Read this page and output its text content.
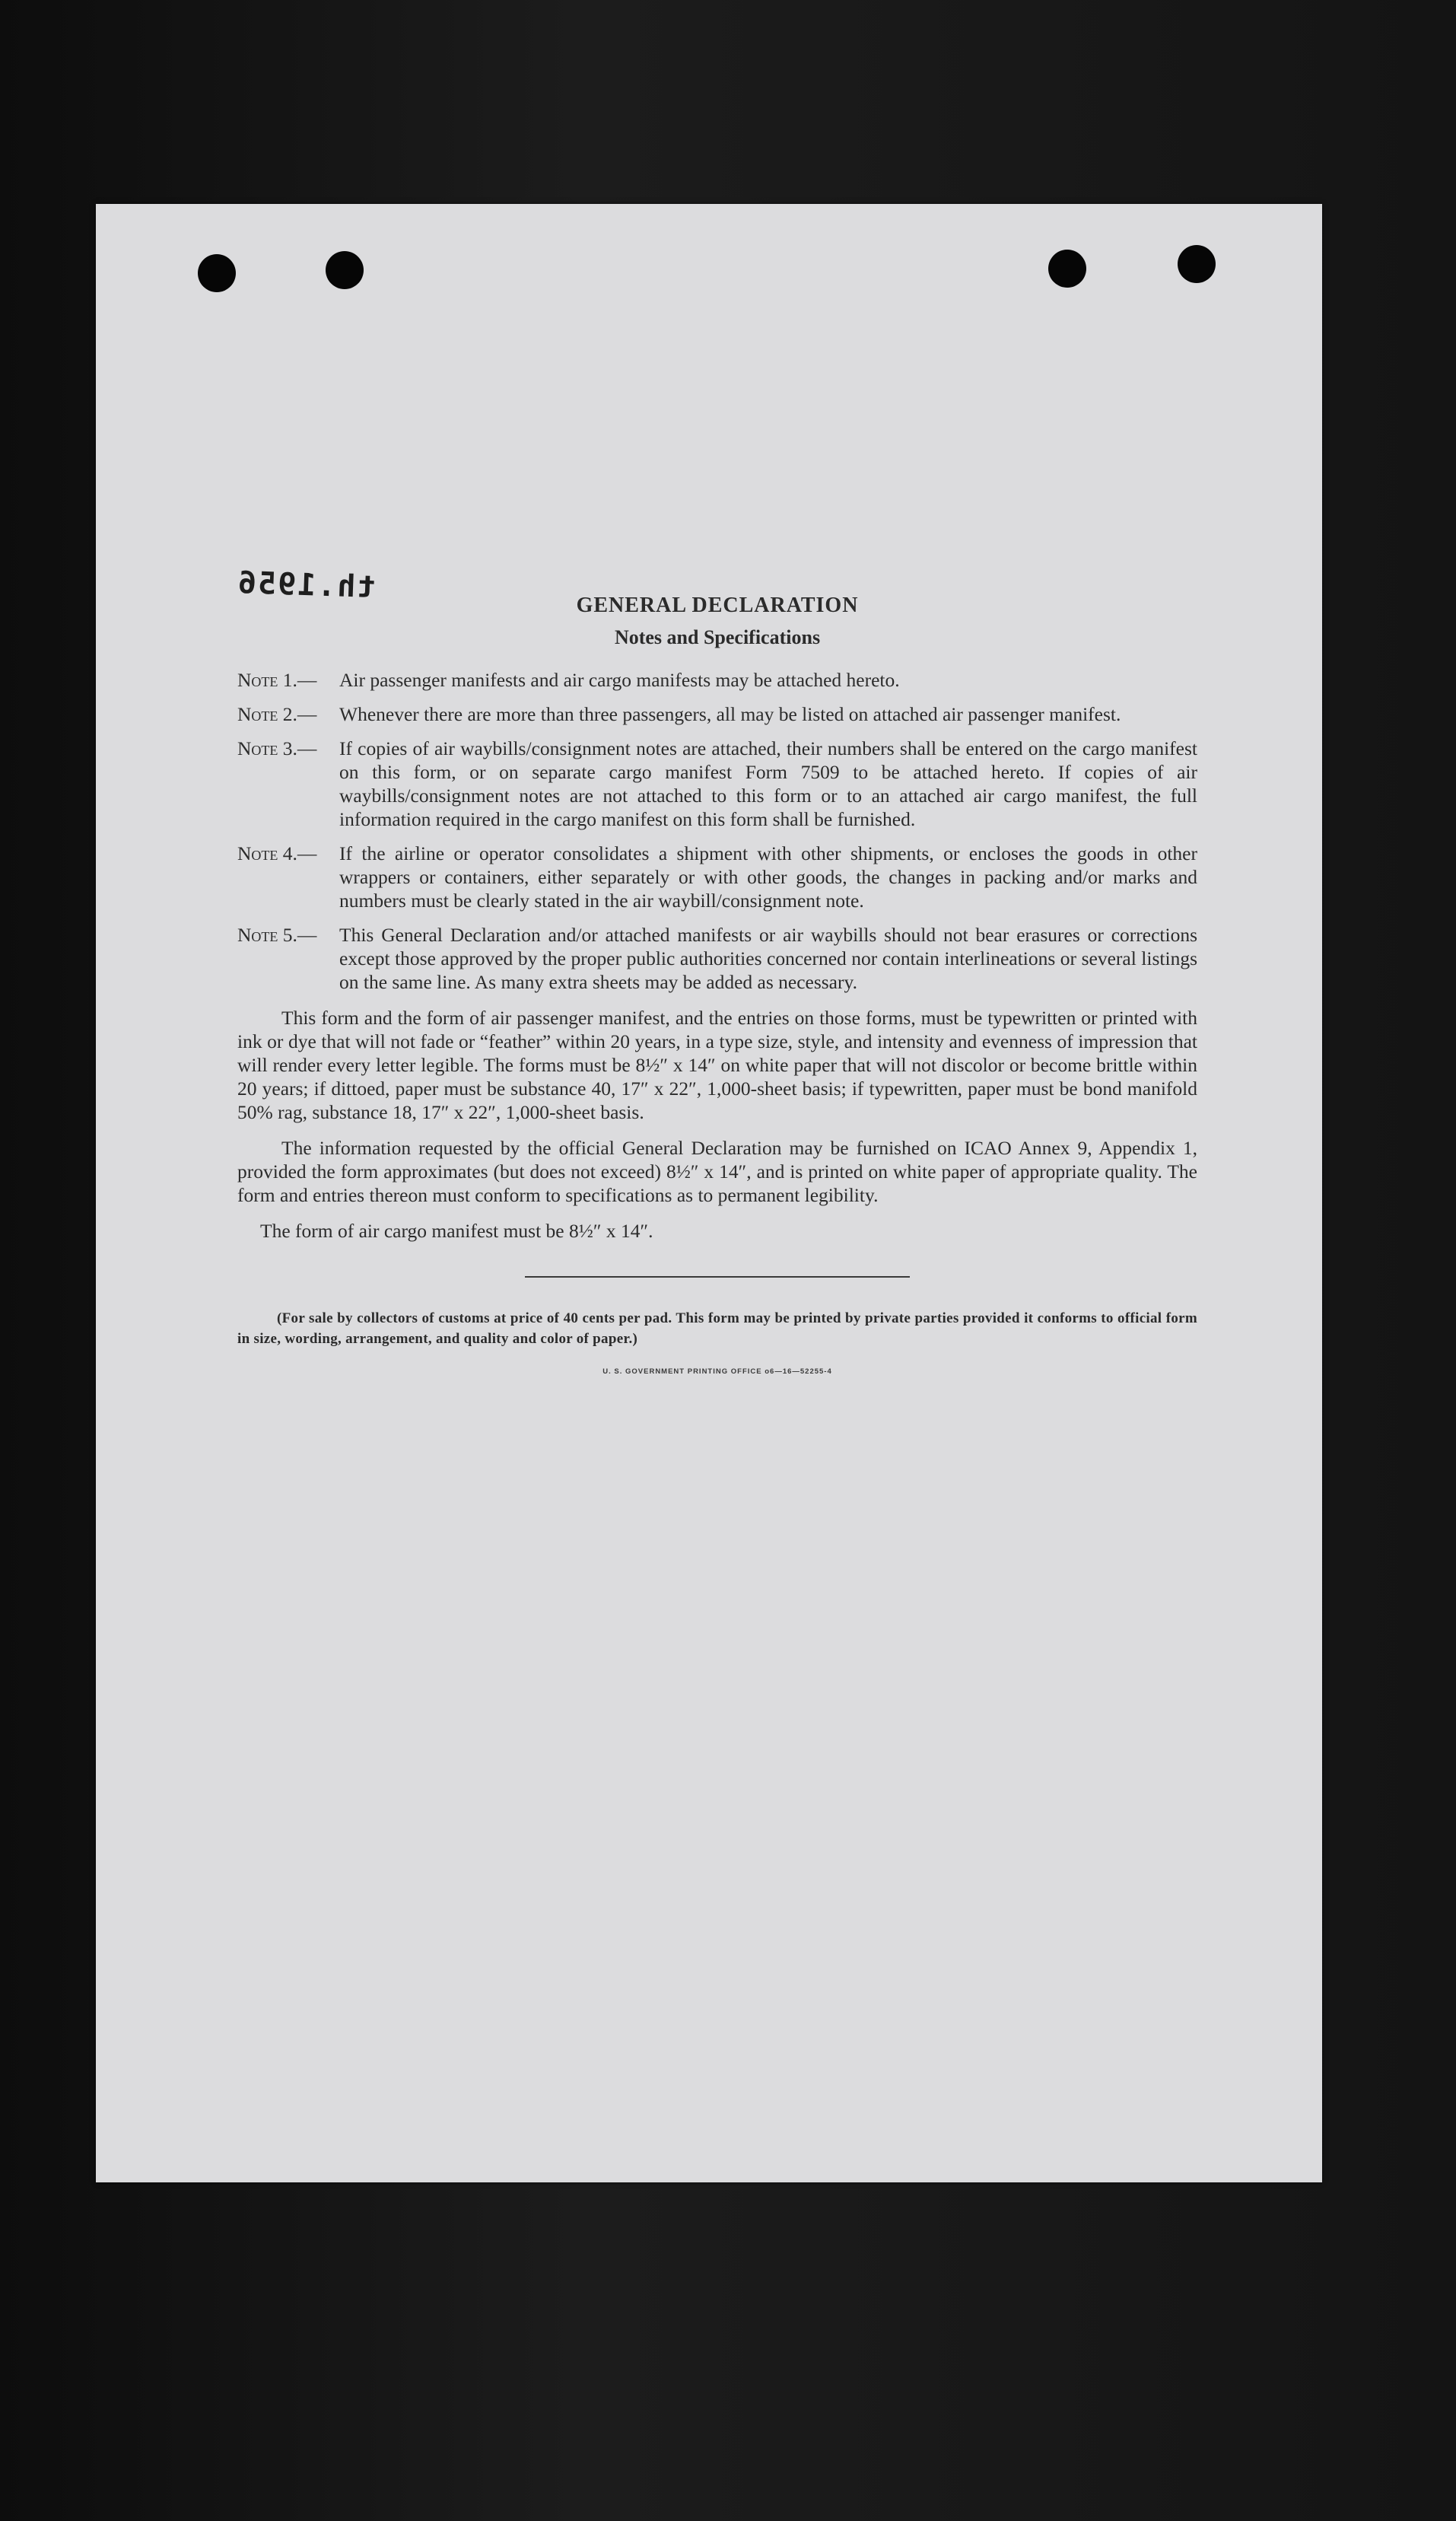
th.1956
GENERAL DECLARATION
Notes and Specifications
Note 1.—	Air passenger manifests and air cargo manifests may be attached hereto.
Note 2.—	Whenever there are more than three passengers, all may be listed on attached air passenger manifest.
Note 3.—	If copies of air waybills/consignment notes are attached, their numbers shall be entered on the cargo manifest on this form, or on separate cargo manifest Form 7509 to be attached hereto. If copies of air waybills/consignment notes are not attached to this form or to an attached air cargo manifest, the full information required in the cargo manifest on this form shall be furnished.
Note 4.—	If the airline or operator consolidates a shipment with other shipments, or encloses the goods in other wrappers or containers, either separately or with other goods, the changes in packing and/or marks and numbers must be clearly stated in the air waybill/consignment note.
Note 5.—	This General Declaration and/or attached manifests or air waybills should not bear erasures or corrections except those approved by the proper public authorities concerned nor contain interlineations or several listings on the same line. As many extra sheets may be added as necessary.

This form and the form of air passenger manifest, and the entries on those forms, must be typewritten or printed with ink or dye that will not fade or “feather” within 20 years, in a type size, style, and intensity and evenness of impression that will render every letter legible. The forms must be 8½″ x 14″ on white paper that will not discolor or become brittle within 20 years; if dittoed, paper must be substance 40, 17″ x 22″, 1,000-sheet basis; if typewritten, paper must be bond manifold 50% rag, substance 18, 17″ x 22″, 1,000-sheet basis.

The information requested by the official General Declaration may be furnished on ICAO Annex 9, Appendix 1, provided the form approximates (but does not exceed) 8½″ x 14″, and is printed on white paper of appropriate quality. The form and entries thereon must conform to specifications as to permanent legibility.

The form of air cargo manifest must be 8½″ x 14″.

(For sale by collectors of customs at price of 40 cents per pad. This form may be printed by private parties provided it conforms to official form in size, wording, arrangement, and quality and color of paper.)
U. S. GOVERNMENT PRINTING OFFICE o6—16—52255-4
